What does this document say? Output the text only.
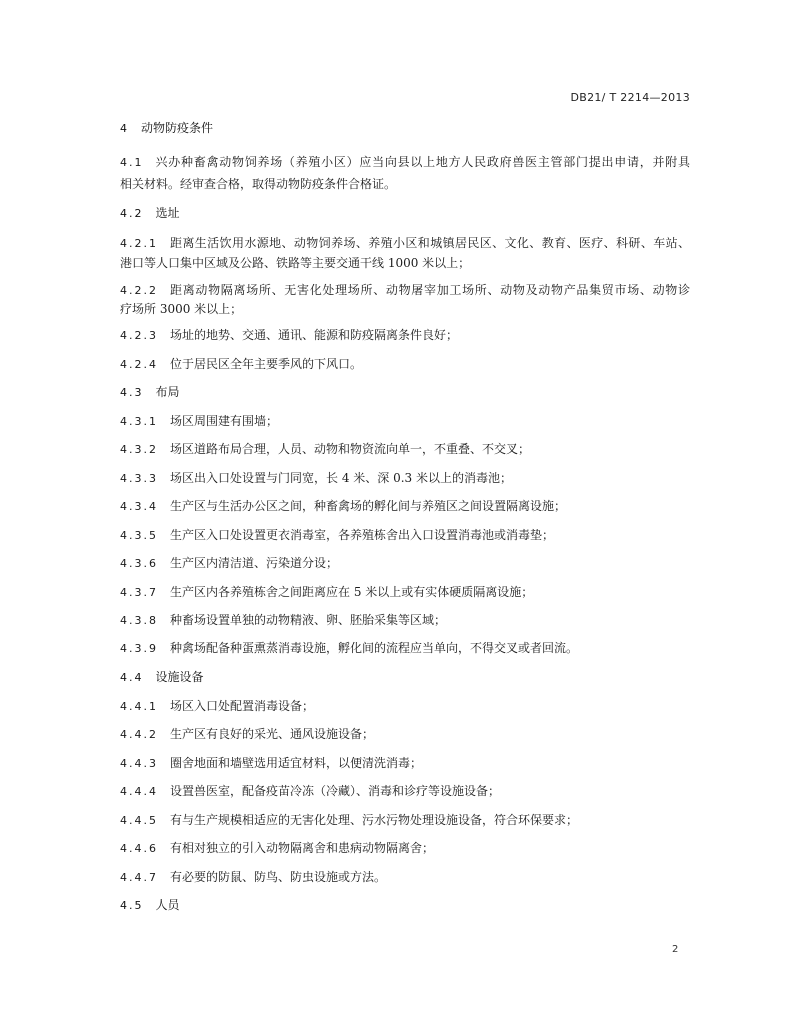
DB21/ T 2214—2013
4 动物防疫条件
4.1 兴办种畜禽动物饲养场（养殖小区）应当向县以上地方人民政府兽医主管部门提出申请，并附具
相关材料。经审查合格，取得动物防疫条件合格证。
4.2 选址
4.2.1 距离生活饮用水源地、动物饲养场、养殖小区和城镇居民区、文化、教育、医疗、科研、车站、
港口等人口集中区域及公路、铁路等主要交通干线 1000 米以上；
4.2.2 距离动物隔离场所、无害化处理场所、动物屠宰加工场所、动物及动物产品集贸市场、动物诊
疗场所 3000 米以上；
4.2.3 场址的地势、交通、通讯、能源和防疫隔离条件良好；
4.2.4 位于居民区全年主要季风的下风口。
4.3 布局
4.3.1 场区周围建有围墙；
4.3.2 场区道路布局合理，人员、动物和物资流向单一，不重叠、不交叉；
4.3.3 场区出入口处设置与门同宽，长 4 米、深 0.3 米以上的消毒池；
4.3.4 生产区与生活办公区之间，种畜禽场的孵化间与养殖区之间设置隔离设施；
4.3.5 生产区入口处设置更衣消毒室，各养殖栋舍出入口设置消毒池或消毒垫；
4.3.6 生产区内清洁道、污染道分设；
4.3.7 生产区内各养殖栋舍之间距离应在 5 米以上或有实体硬质隔离设施；
4.3.8 种畜场设置单独的动物精液、卵、胚胎采集等区域；
4.3.9 种禽场配备种蛋熏蒸消毒设施，孵化间的流程应当单向，不得交叉或者回流。
4.4 设施设备
4.4.1 场区入口处配置消毒设备；
4.4.2 生产区有良好的采光、通风设施设备；
4.4.3 圈舍地面和墙壁选用适宜材料，以便清洗消毒；
4.4.4 设置兽医室，配备疫苗冷冻（冷藏）、消毒和诊疗等设施设备；
4.4.5 有与生产规模相适应的无害化处理、污水污物处理设施设备，符合环保要求；
4.4.6 有相对独立的引入动物隔离舍和患病动物隔离舍；
4.4.7 有必要的防鼠、防鸟、防虫设施或方法。
4.5 人员
2
